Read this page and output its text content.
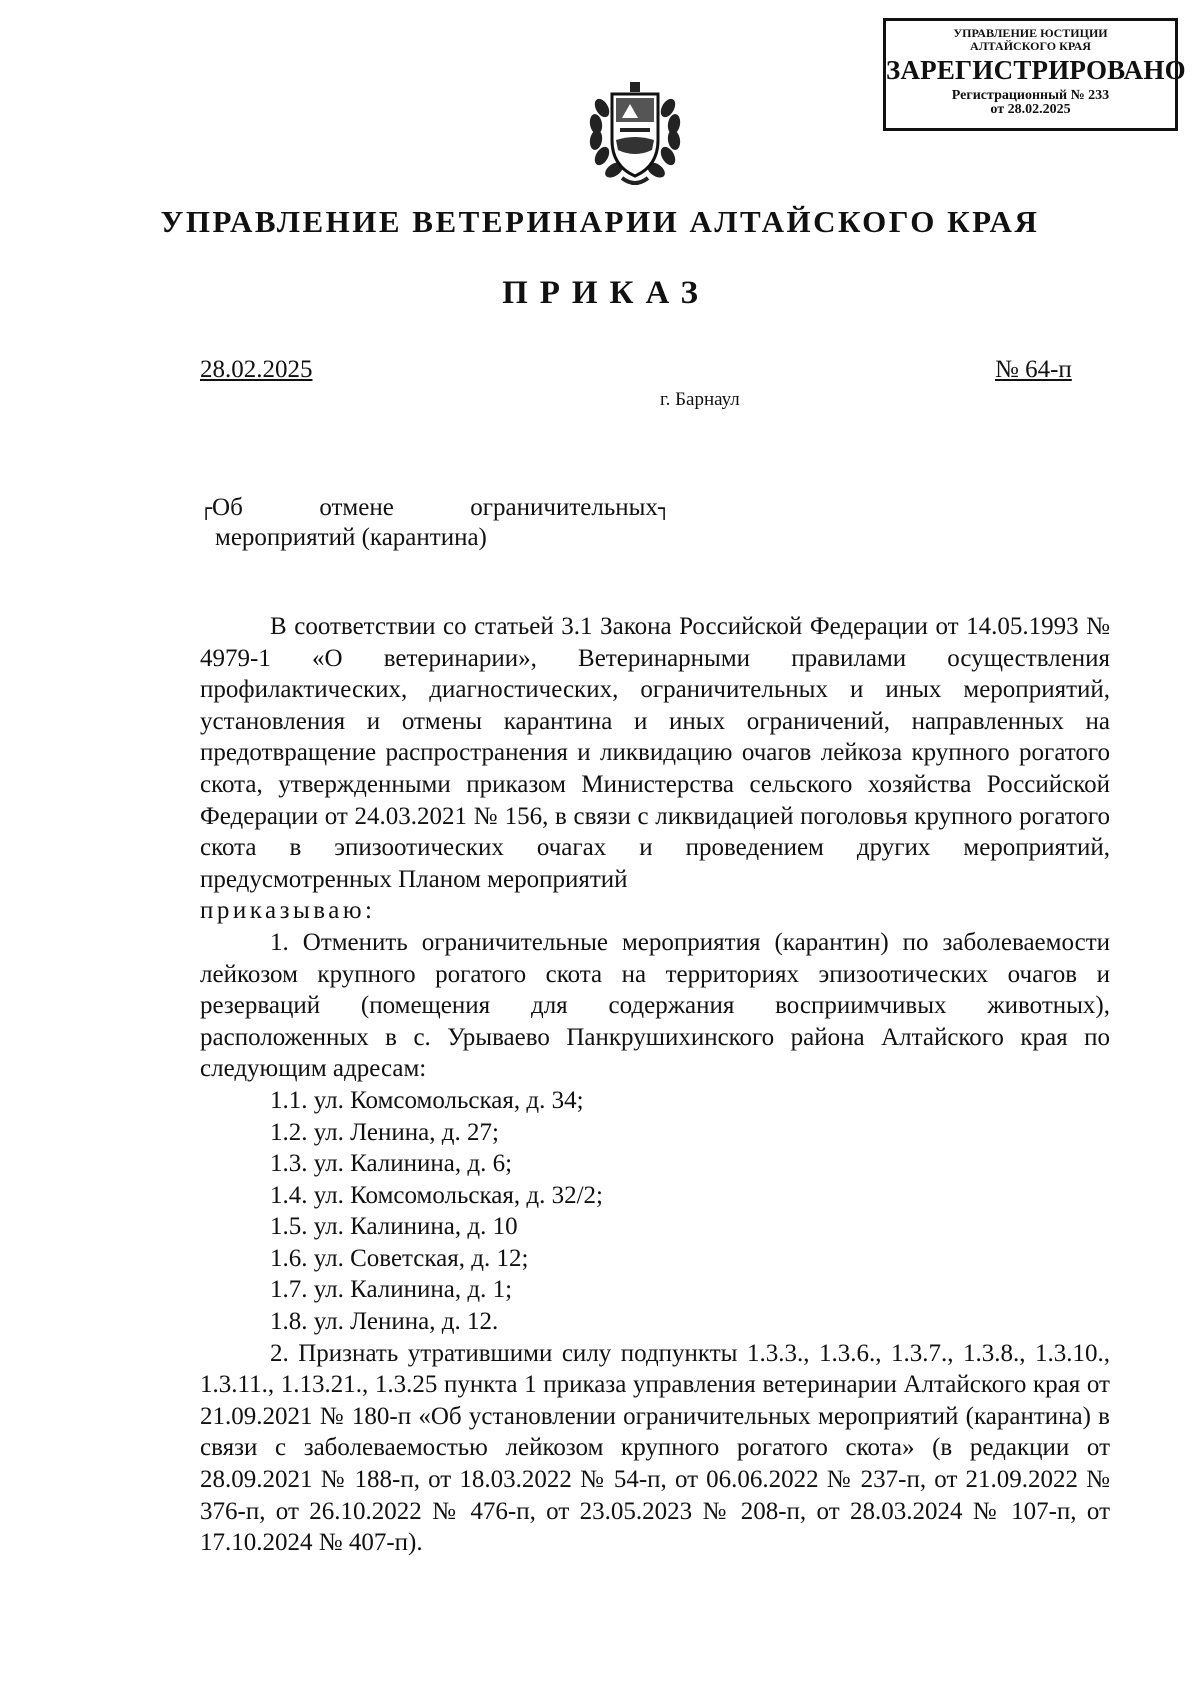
УПРАВЛЕНИЕ ЮСТИЦИИ
АЛТАЙСКОГО КРАЯ
ЗАРЕГИСТРИРОВАНО
Регистрационный № 233
от 28.02.2025
УПРАВЛЕНИЕ ВЕТЕРИНАРИИ АЛТАЙСКОГО КРАЯ
ПРИКАЗ
28.02.2025	№ 64-п
г. Барнаул
┌Об	отмене	ограничительных┐
мероприятий (карантина)

В соответствии со статьей 3.1 Закона Российской Федерации от 14.05.1993 № 4979-1 «О ветеринарии», Ветеринарными правилами осуществления профилактических, диагностических, ограничительных и иных мероприятий, установления и отмены карантина и иных ограничений, направленных на предотвращение распространения и ликвидацию очагов лейкоза крупного рогатого скота, утвержденными приказом Министерства сельского хозяйства Российской Федерации от 24.03.2021 № 156, в связи с ликвидацией поголовья крупного рогатого скота в эпизоотических очагах и проведением других мероприятий, предусмотренных Планом мероприятий

приказываю:

1. Отменить ограничительные мероприятия (карантин) по заболеваемости лейкозом крупного рогатого скота на территориях эпизоотических очагов и резерваций (помещения для содержания восприимчивых животных), расположенных в с. Урываево Панкрушихинского района Алтайского края по следующим адресам:

1.1. ул. Комсомольская, д. 34;
1.2. ул. Ленина, д. 27;
1.3. ул. Калинина, д. 6;
1.4. ул. Комсомольская, д. 32/2;
1.5. ул. Калинина, д. 10
1.6. ул. Советская, д. 12;
1.7. ул. Калинина, д. 1;
1.8. ул. Ленина, д. 12.

2. Признать утратившими силу подпункты 1.3.3., 1.3.6., 1.3.7., 1.3.8., 1.3.10., 1.3.11., 1.13.21., 1.3.25 пункта 1 приказа управления ветеринарии Алтайского края от 21.09.2021 № 180-п «Об установлении ограничительных мероприятий (карантина) в связи с заболеваемостью лейкозом крупного рогатого скота» (в редакции от 28.09.2021 № 188-п, от 18.03.2022 № 54-п, от 06.06.2022 № 237-п, от 21.09.2022 № 376-п, от 26.10.2022 № 476-п, от 23.05.2023 № 208-п, от 28.03.2024 № 107-п, от 17.10.2024 № 407-п).
